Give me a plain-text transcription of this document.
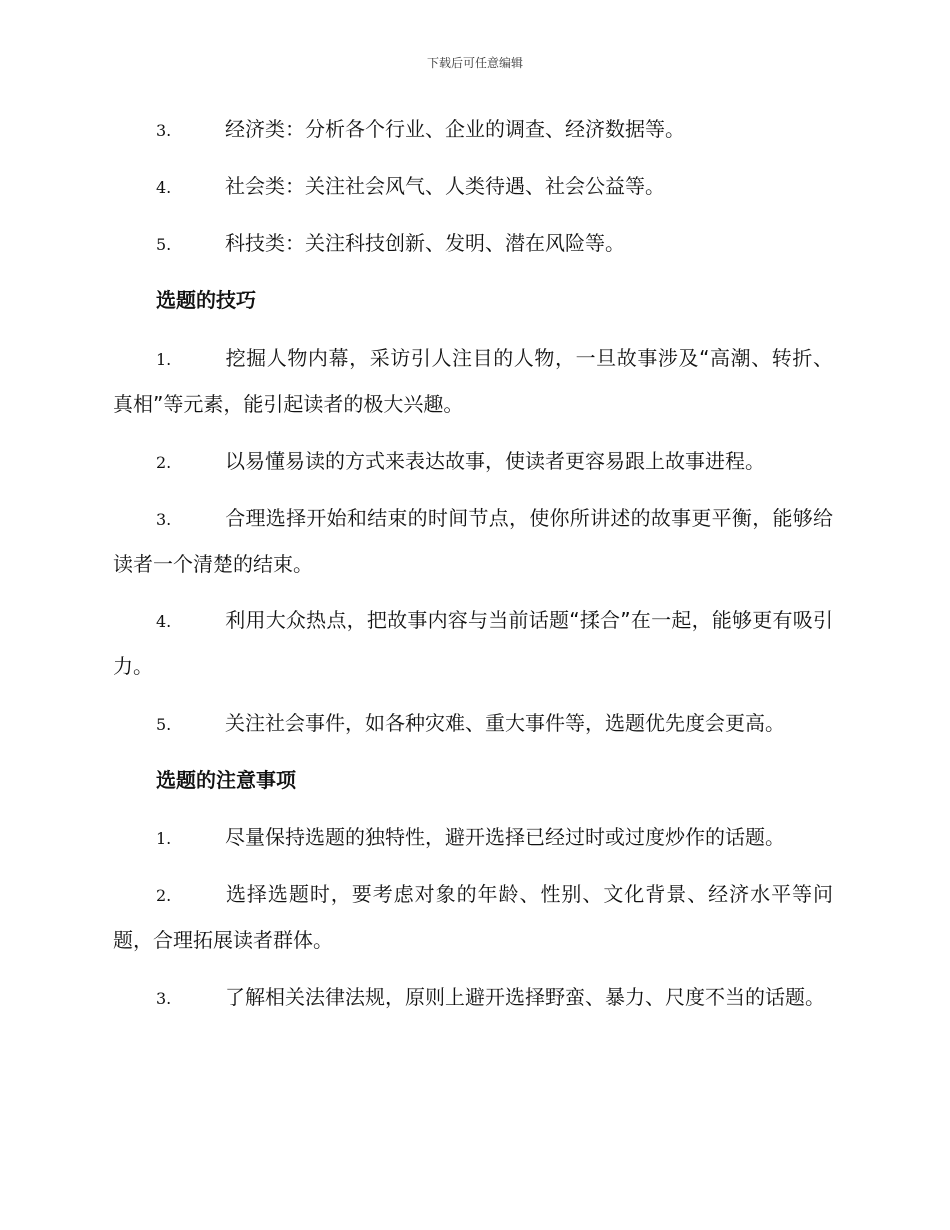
下载后可任意编辑
3.	经济类：分析各个行业、企业的调查、经济数据等。
4.	社会类：关注社会风气、人类待遇、社会公益等。
5.	科技类：关注科技创新、发明、潜在风险等。
选题的技巧
1.	挖掘人物内幕，采访引人注目的人物，一旦故事涉及“高潮、转折、真相”等元素，能引起读者的极大兴趣。
2.	以易懂易读的方式来表达故事，使读者更容易跟上故事进程。
3.	合理选择开始和结束的时间节点，使你所讲述的故事更平衡，能够给读者一个清楚的结束。
4.	利用大众热点，把故事内容与当前话题“揉合”在一起，能够更有吸引力。
5.	关注社会事件，如各种灾难、重大事件等，选题优先度会更高。
选题的注意事项
1.	尽量保持选题的独特性，避开选择已经过时或过度炒作的话题。
2.	选择选题时，要考虑对象的年龄、性别、文化背景、经济水平等问题，合理拓展读者群体。
3.	了解相关法律法规，原则上避开选择野蛮、暴力、尺度不当的话题。
